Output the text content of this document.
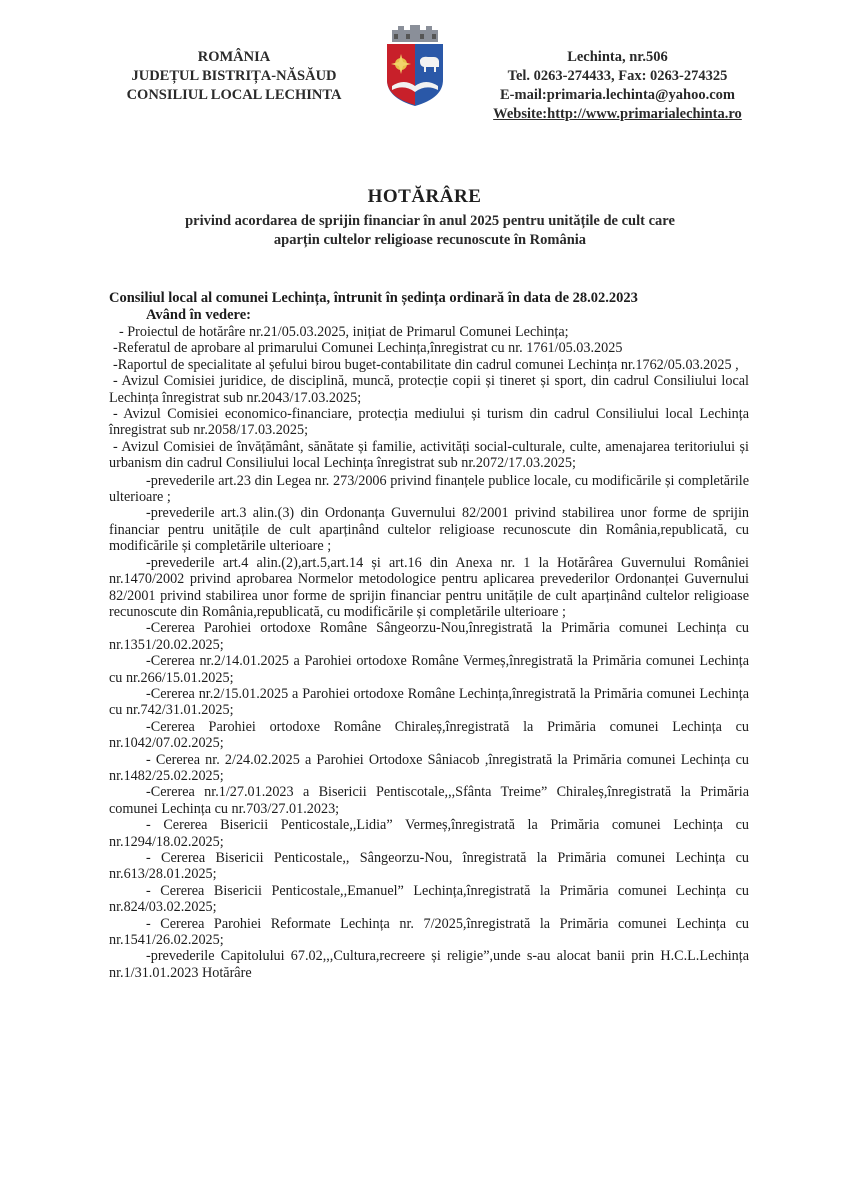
ROMÂNIA
JUDEȚUL BISTRIȚA-NĂSĂUD
CONSILIUL LOCAL LECHINTA
Lechinta, nr.506
Tel. 0263-274433, Fax: 0263-274325
E-mail:primaria.lechinta@yahoo.com
Website:http://www.primarialechinta.ro
HOTĂRÂRE
privind acordarea de sprijin financiar în anul 2025 pentru unitățile de cult care
aparțin cultelor religioase recunoscute în România
Consiliul local al comunei Lechința, întrunit în ședința ordinară în data de 28.02.2023
Având în vedere:

- Proiectul de hotărâre nr.21/05.03.2025, inițiat de Primarul Comunei Lechința;

-Referatul de aprobare al primarului Comunei Lechința,înregistrat cu nr. 1761/05.03.2025

-Raportul de specialitate al șefului birou buget-contabilitate din cadrul comunei Lechința nr.1762/05.03.2025 ,

- Avizul Comisiei juridice, de disciplină, muncă, protecție copii și tineret și sport, din cadrul Consiliului local Lechința înregistrat sub nr.2043/17.03.2025;

- Avizul Comisiei economico-financiare, protecția mediului și turism din cadrul Consiliului local Lechința înregistrat sub nr.2058/17.03.2025;

- Avizul Comisiei de învățământ, sănătate și familie, activități social-culturale, culte, amenajarea teritoriului și urbanism din cadrul Consiliului local Lechința înregistrat sub nr.2072/17.03.2025;

-prevederile art.23 din Legea nr. 273/2006 privind finanțele publice locale, cu modificările și completările ulterioare ;

-prevederile art.3 alin.(3) din Ordonanța Guvernului 82/2001 privind stabilirea unor forme de sprijin financiar pentru unitățile de cult aparținând cultelor religioase recunoscute din România,republicată, cu modificările și completările ulterioare ;

-prevederile art.4 alin.(2),art.5,art.14 și art.16 din Anexa nr. 1 la Hotărârea Guvernului României nr.1470/2002 privind aprobarea Normelor metodologice pentru aplicarea prevederilor Ordonanței Guvernului 82/2001 privind stabilirea unor forme de sprijin financiar pentru unitățile de cult aparținând cultelor religioase recunoscute din România,republicată, cu modificările și completările ulterioare ;

-Cererea Parohiei ortodoxe Române Sângeorzu-Nou,înregistrată la Primăria comunei Lechința cu nr.1351/20.02.2025;

-Cererea nr.2/14.01.2025 a Parohiei ortodoxe Române Vermeș,înregistrată la Primăria comunei Lechința cu nr.266/15.01.2025;

-Cererea nr.2/15.01.2025 a Parohiei ortodoxe Române Lechința,înregistrată la Primăria comunei Lechința cu nr.742/31.01.2025;

-Cererea Parohiei ortodoxe Române Chiraleș,înregistrată la Primăria comunei Lechința cu nr.1042/07.02.2025;

- Cererea nr. 2/24.02.2025 a Parohiei Ortodoxe Sâniacob ,înregistrată la Primăria comunei Lechința cu nr.1482/25.02.2025;

-Cererea nr.1/27.01.2023 a Bisericii Pentiscotale,,,Sfânta Treime” Chiraleș,înregistrată la Primăria comunei Lechința cu nr.703/27.01.2023;

- Cererea Bisericii Penticostale,,Lidia” Vermeș,înregistrată la Primăria comunei Lechința cu nr.1294/18.02.2025;

- Cererea Bisericii Penticostale,, Sângeorzu-Nou, înregistrată la Primăria comunei Lechința cu nr.613/28.01.2025;

- Cererea Bisericii Penticostale,,Emanuel” Lechința,înregistrată la Primăria comunei Lechința cu nr.824/03.02.2025;

- Cererea Parohiei Reformate Lechința nr. 7/2025,înregistrată la Primăria comunei Lechința cu nr.1541/26.02.2025;

-prevederile Capitolului 67.02,,,Cultura,recreere și religie”,unde s-au alocat banii prin H.C.L.Lechința nr.1/31.01.2023 Hotărâre
